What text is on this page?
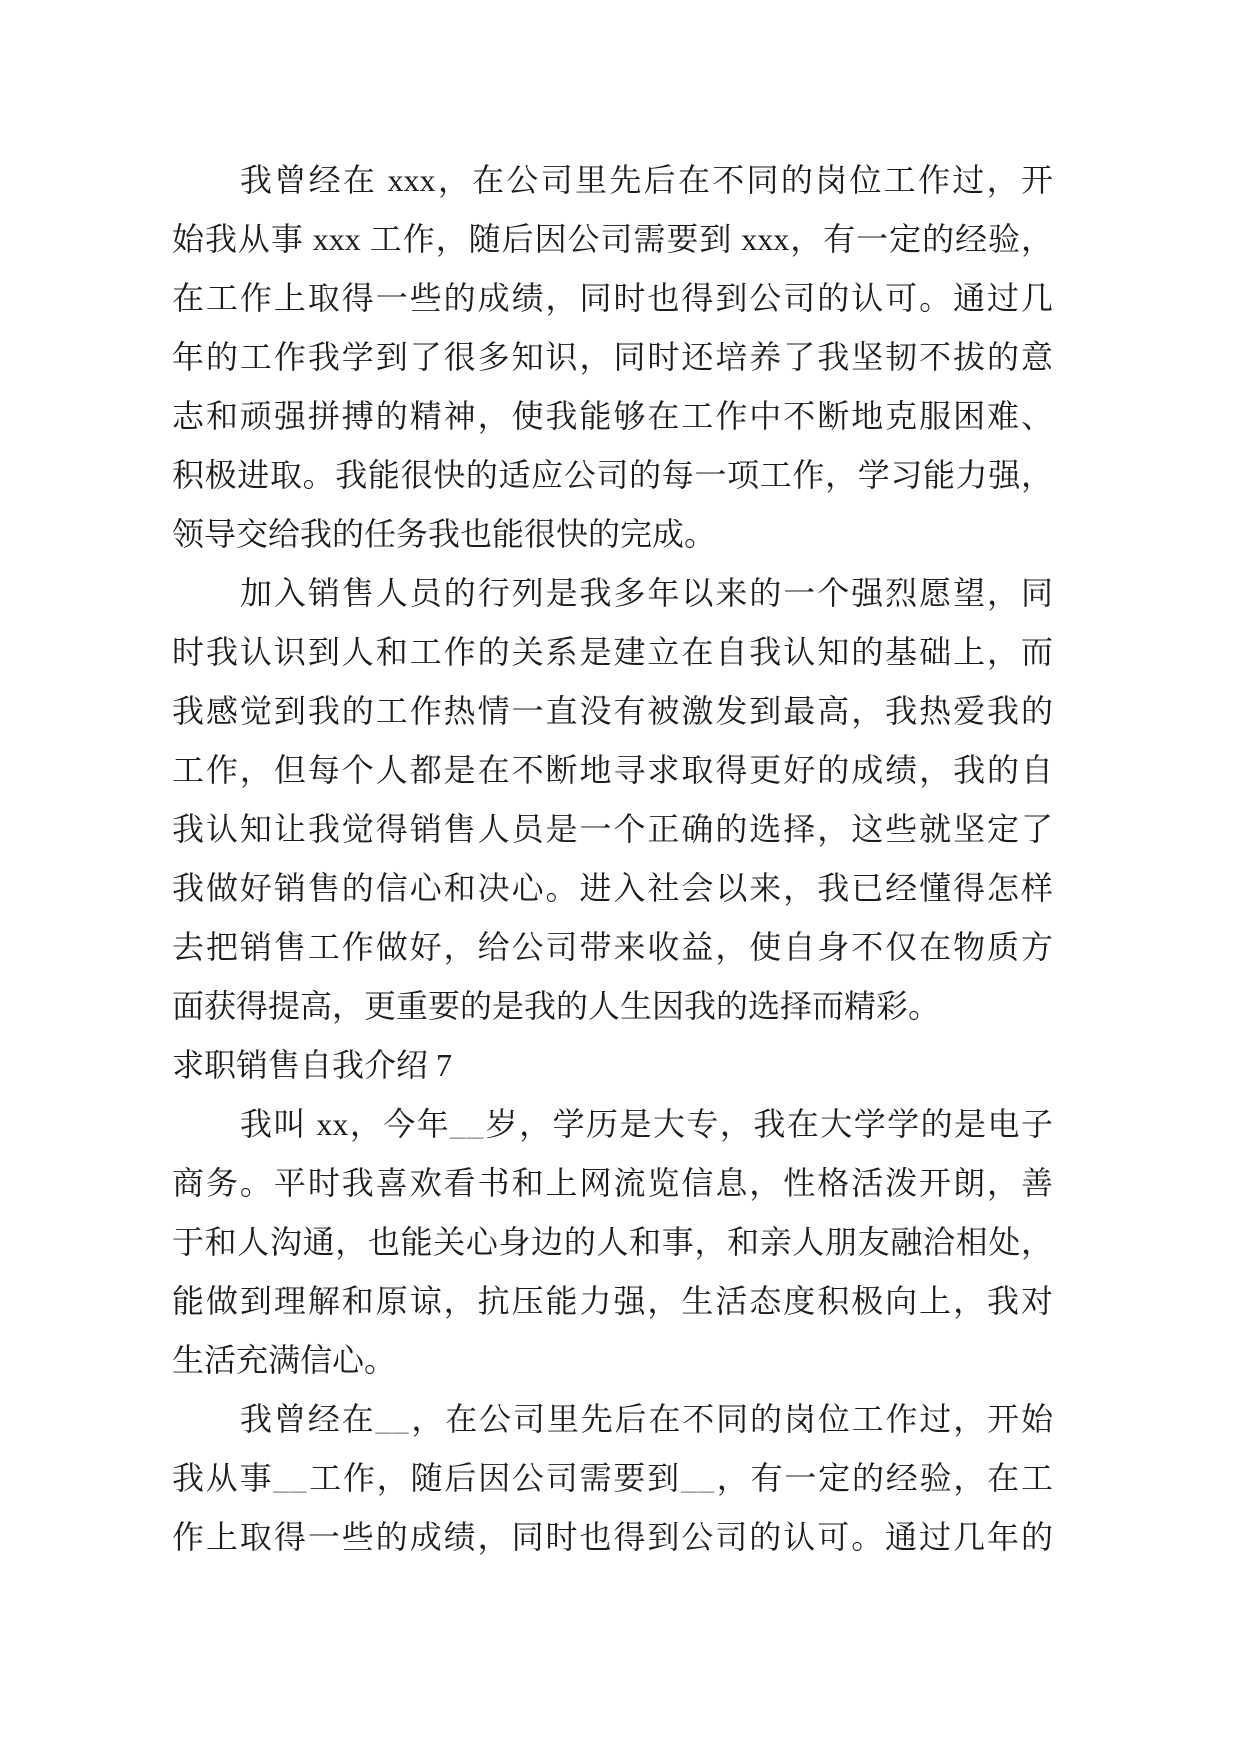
我曾经在 xxx，在公司里先后在不同的岗位工作过，开
始我从事 xxx 工作，随后因公司需要到 xxx，有一定的经验，
在工作上取得一些的成绩，同时也得到公司的认可。通过几
年的工作我学到了很多知识，同时还培养了我坚韧不拔的意
志和顽强拼搏的精神，使我能够在工作中不断地克服困难、
积极进取。我能很快的适应公司的每一项工作，学习能力强，
领导交给我的任务我也能很快的完成。
加入销售人员的行列是我多年以来的一个强烈愿望，同
时我认识到人和工作的关系是建立在自我认知的基础上，而
我感觉到我的工作热情一直没有被激发到最高，我热爱我的
工作，但每个人都是在不断地寻求取得更好的成绩，我的自
我认知让我觉得销售人员是一个正确的选择，这些就坚定了
我做好销售的信心和决心。进入社会以来，我已经懂得怎样
去把销售工作做好，给公司带来收益，使自身不仅在物质方
面获得提高，更重要的是我的人生因我的选择而精彩。
求职销售自我介绍 7
我叫 xx，今年__岁，学历是大专，我在大学学的是电子
商务。平时我喜欢看书和上网流览信息，性格活泼开朗，善
于和人沟通，也能关心身边的人和事，和亲人朋友融洽相处，
能做到理解和原谅，抗压能力强，生活态度积极向上，我对
生活充满信心。
我曾经在__，在公司里先后在不同的岗位工作过，开始
我从事__工作，随后因公司需要到__，有一定的经验，在工
作上取得一些的成绩，同时也得到公司的认可。通过几年的
